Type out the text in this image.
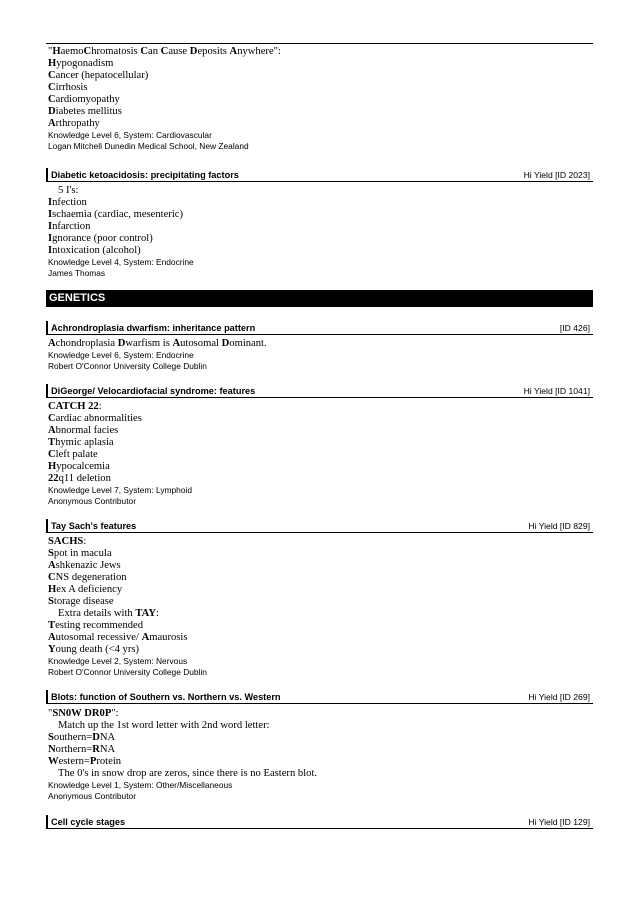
"HaemoChromatosis Can Cause Deposits Anywhere":
Hypogonadism
Cancer (hepatocellular)
Cirrhosis
Cardiomyopathy
Diabetes mellitus
Arthropathy
Knowledge Level 6, System: Cardiovascular
Logan Mitchell Dunedin Medical School, New Zealand
Diabetic ketoacidosis: precipitating factors	Hi Yield [ID 2023]
5 I's:
Infection
Ischaemia (cardiac, mesenteric)
Infarction
Ignorance (poor control)
Intoxication (alcohol)
Knowledge Level 4, System: Endocrine
James Thomas
GENETICS
Achrondroplasia dwarfism: inheritance pattern	[ID 426]
Achondroplasia Dwarfism is Autosomal Dominant.
Knowledge Level 6, System: Endocrine
Robert O'Connor University College Dublin
DiGeorge/ Velocardiofacial syndrome: features	Hi Yield [ID 1041]
CATCH 22:
Cardiac abnormalities
Abnormal facies
Thymic aplasia
Cleft palate
Hypocalcemia
22q11 deletion
Knowledge Level 7, System: Lymphoid
Anonymous Contributor
Tay Sach's features	Hi Yield [ID 829]
SACHS:
Spot in macula
Ashkenazic Jews
CNS degeneration
Hex A deficiency
Storage disease
Extra details with TAY:
Testing recommended
Autosomal recessive/ Amaurosis
Young death (<4 yrs)
Knowledge Level 2, System: Nervous
Robert O'Connor University College Dublin
Blots: function of Southern vs. Northern vs. Western	Hi Yield [ID 269]
"SN0W DR0P":
Match up the 1st word letter with 2nd word letter:
Southern=DNA
Northern=RNA
Western=Protein
The 0's in snow drop are zeros, since there is no Eastern blot.
Knowledge Level 1, System: Other/Miscellaneous
Anonymous Contributor
Cell cycle stages	Hi Yield [ID 129]
